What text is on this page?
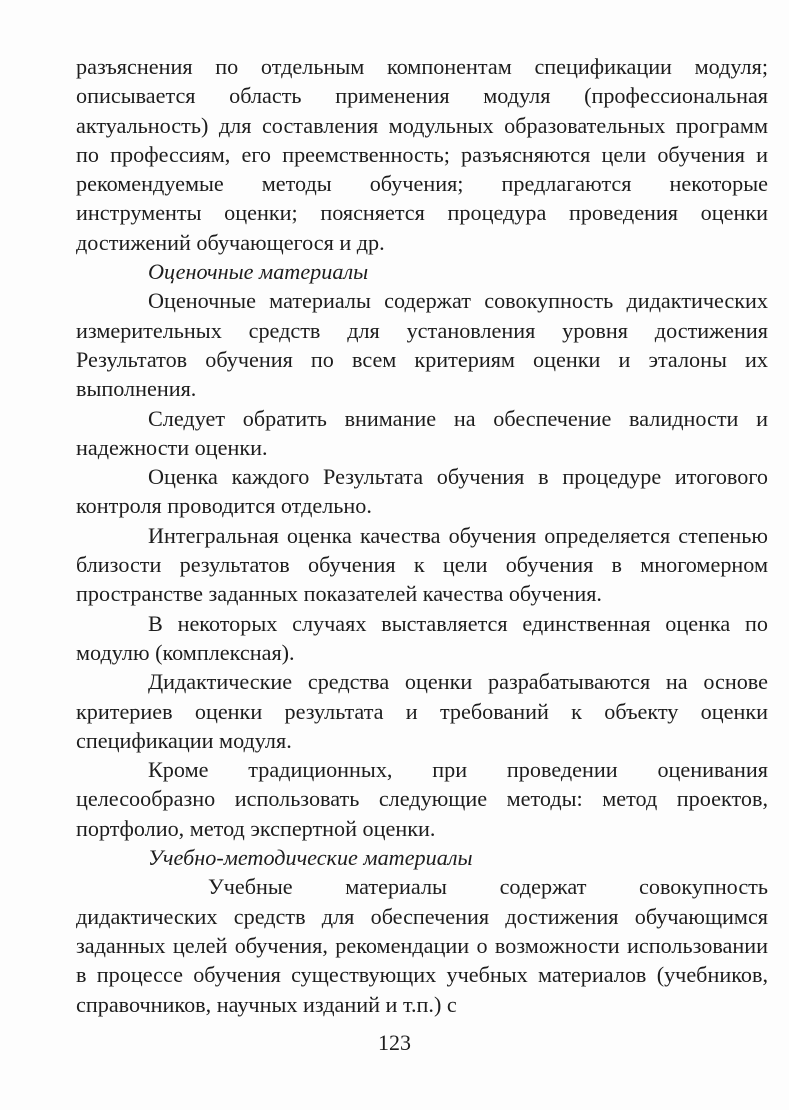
разъяснения по отдельным компонентам спецификации модуля; описывается область применения модуля (профессиональная актуальность) для составления модульных образовательных программ по профессиям, его преемственность; разъясняются цели обучения и рекомендуемые методы обучения; предлагаются некоторые инструменты оценки; поясняется процедура проведения оценки достижений обучающегося и др.

Оценочные материалы

Оценочные материалы содержат совокупность дидактических измерительных средств для установления уровня достижения Результатов обучения по всем критериям оценки и эталоны их выполнения.

Следует обратить внимание на обеспечение валидности и надежности оценки.

Оценка каждого Результата обучения в процедуре итогового контроля проводится отдельно.

Интегральная оценка качества обучения определяется степенью близости результатов обучения к цели обучения в многомерном пространстве заданных показателей качества обучения.

В некоторых случаях выставляется единственная оценка по модулю (комплексная).

Дидактические средства оценки разрабатываются на основе критериев оценки результата и требований к объекту оценки спецификации модуля.

Кроме традиционных, при проведении оценивания целесообразно использовать следующие методы: метод проектов, портфолио, метод экспертной оценки.

Учебно-методические материалы

Учебные материалы содержат совокупность дидактических средств для обеспечения достижения обучающимся заданных целей обучения, рекомендации о возможности использовании в процессе обучения существующих учебных материалов (учебников, справочников, научных изданий и т.п.) с

123
